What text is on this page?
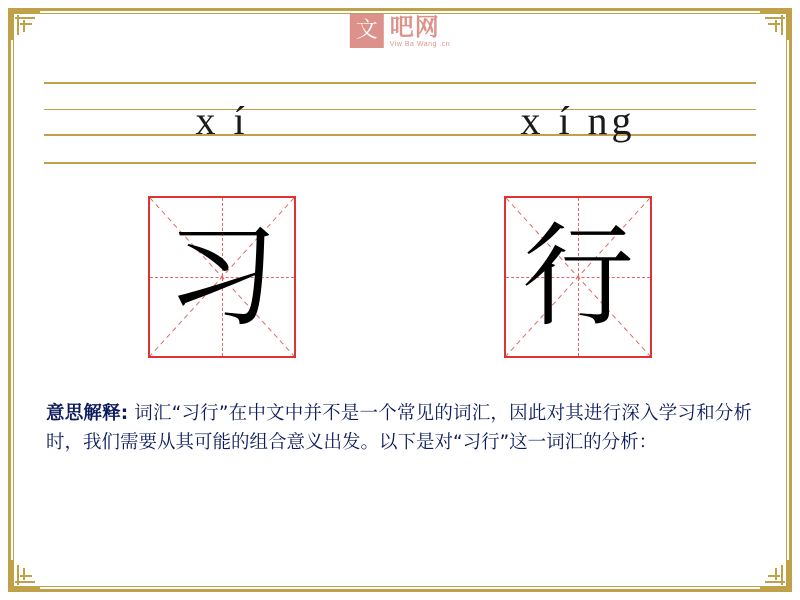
文 吧网
Viw Ba Wang .cn
x í	x í ng
习 行
意思解释: 词汇“习行”在中文中并不是一个常见的词汇，因此对其进行深入学习和分析时，我们需要从其可能的组合意义出发。以下是对“习行”这一词汇的分析：
